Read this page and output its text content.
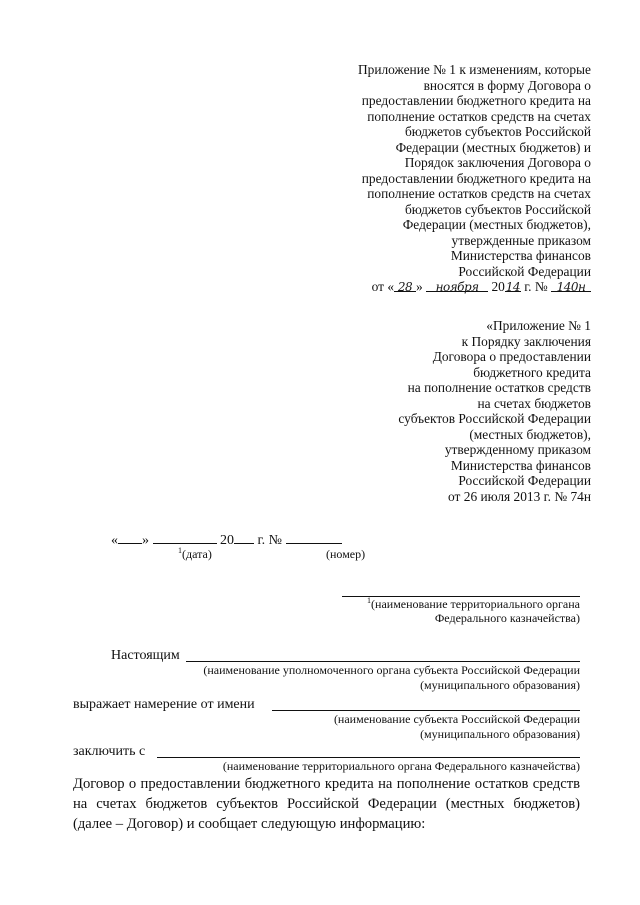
Приложение № 1 к изменениям, которые
вносятся в форму Договора о
предоставлении бюджетного кредита на
пополнение остатков средств на счетах
бюджетов субъектов Российской
Федерации (местных бюджетов) и
Порядок заключения Договора о
предоставлении бюджетного кредита на
пополнение остатков средств на счетах
бюджетов субъектов Российской
Федерации (местных бюджетов),
утвержденные приказом
Министерства финансов
Российской Федерации
от « 28 » ноября 2014 г. № 140н
«Приложение № 1
к Порядку заключения
Договора о предоставлении
бюджетного кредита
на пополнение остатков средств
на счетах бюджетов
субъектов Российской Федерации
(местных бюджетов),
утвержденному приказом
Министерства финансов
Российской Федерации
от 26 июля 2013 г. № 74н
« »	20 г. №
$^1$(дата)	(номер)
$^1$(наименование территориального органа
Федерального казначейства)
Настоящим
(наименование уполномоченного органа субъекта Российской Федерации
(муниципального образования)
выражает намерение от имени
(наименование субъекта Российской Федерации
(муниципального образования)
заключить с
(наименование территориального органа Федерального казначейства)
Договор о предоставлении бюджетного кредита на пополнение остатков средств на счетах бюджетов субъектов Российской Федерации (местных бюджетов) (далее – Договор) и сообщает следующую информацию:
